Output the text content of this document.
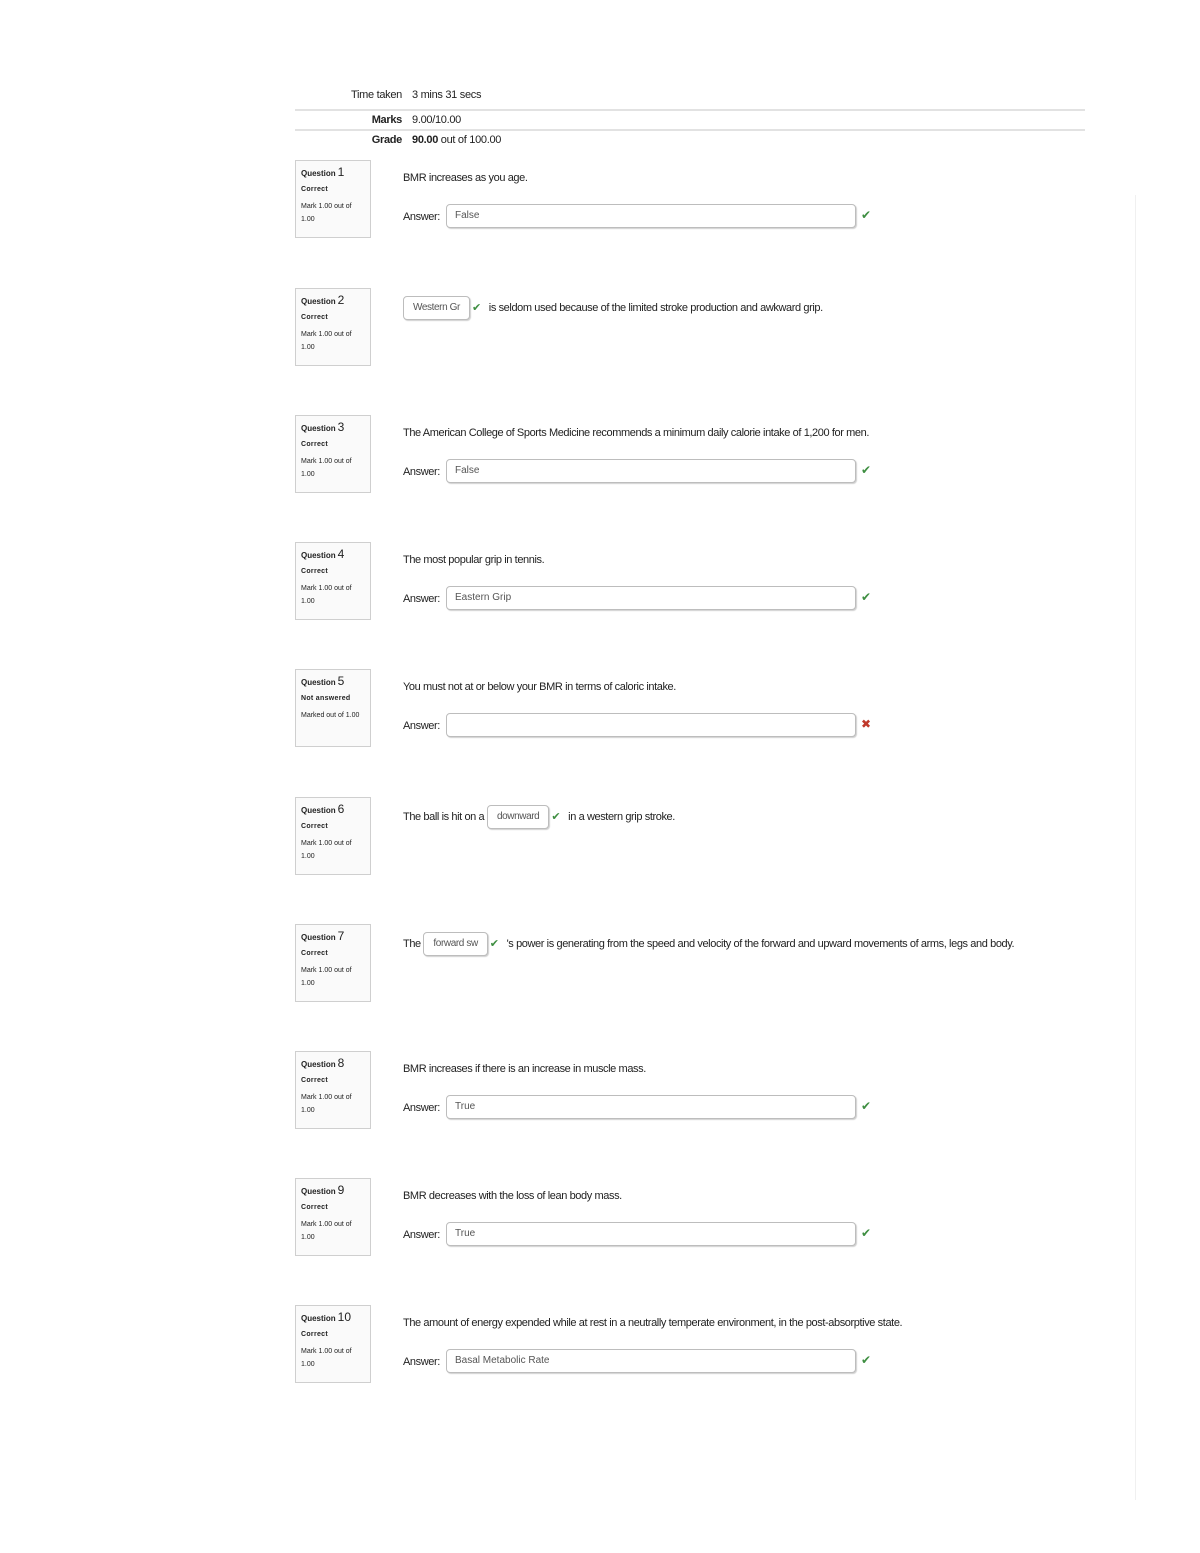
Time taken 3 mins 31 secs
Marks 9.00/10.00
Grade 90.00 out of 100.00
Question 1
Correct
Mark 1.00 out of 1.00
BMR increases as you age.
Answer:	False	✔
Question 2
Correct
Mark 1.00 out of 1.00
Western Gr ✔ is seldom used because of the limited stroke production and awkward grip.
Question 3
Correct
Mark 1.00 out of 1.00
The American College of Sports Medicine recommends a minimum daily calorie intake of 1,200 for men.
Answer:	False	✔
Question 4
Correct
Mark 1.00 out of 1.00
The most popular grip in tennis.
Answer:	Eastern Grip	✔
Question 5
Not answered
Marked out of 1.00
You must not at or below your BMR in terms of caloric intake.
Answer:	✖
Question 6
Correct
Mark 1.00 out of 1.00
The ball is hit on a downward ✔ in a western grip stroke.
Question 7
Correct
Mark 1.00 out of 1.00
The forward sw ✔ 's power is generating from the speed and velocity of the forward and upward movements of arms, legs and body.
Question 8
Correct
Mark 1.00 out of 1.00
BMR increases if there is an increase in muscle mass.
Answer:	True	✔
Question 9
Correct
Mark 1.00 out of 1.00
BMR decreases with the loss of lean body mass.
Answer:	True	✔
Question 10
Correct
Mark 1.00 out of 1.00
The amount of energy expended while at rest in a neutrally temperate environment, in the post-absorptive state.
Answer:	Basal Metabolic Rate	✔
